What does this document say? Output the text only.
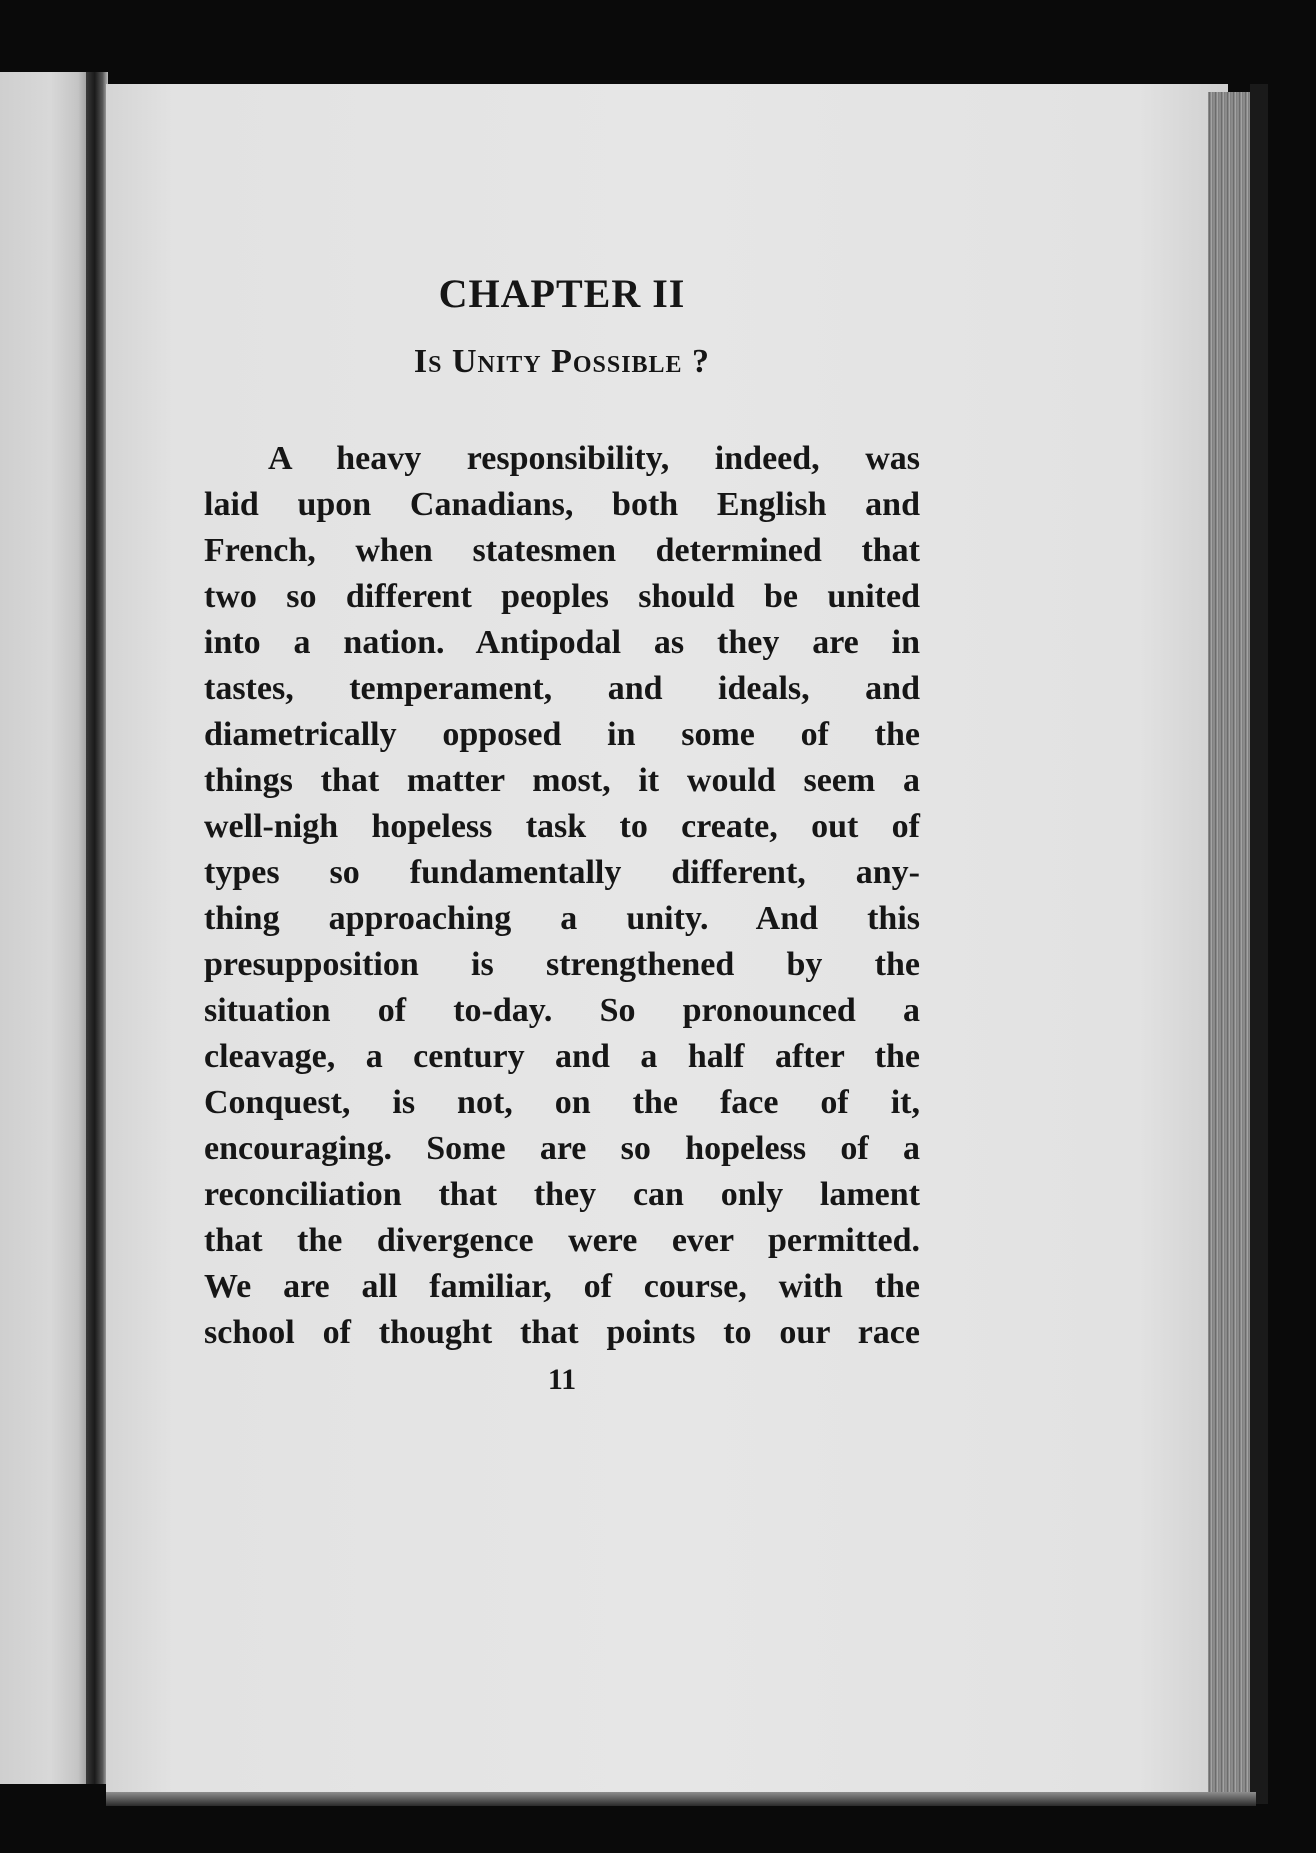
CHAPTER II
Is Unity Possible ?
A heavy responsibility, indeed, was
laid upon Canadians, both English and
French, when statesmen determined that
two so different peoples should be united
into a nation. Antipodal as they are in
tastes, temperament, and ideals, and
diametrically opposed in some of the
things that matter most, it would seem a
well-nigh hopeless task to create, out of
types so fundamentally different, any-
thing approaching a unity. And this
presupposition is strengthened by the
situation of to-day. So pronounced a
cleavage, a century and a half after the
Conquest, is not, on the face of it,
encouraging. Some are so hopeless of a
reconciliation that they can only lament
that the divergence were ever permitted.
We are all familiar, of course, with the
school of thought that points to our race
11
